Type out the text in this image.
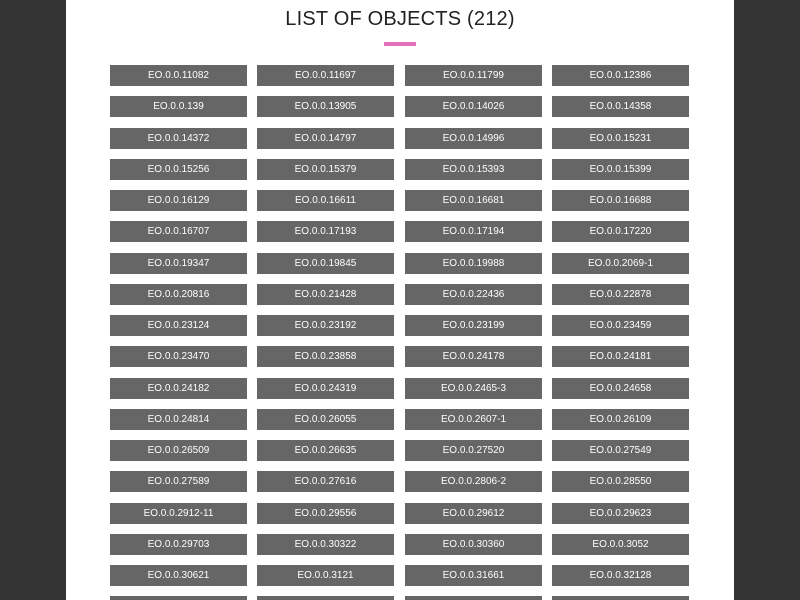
LIST OF OBJECTS (212)
EO.0.0.11082	EO.0.0.11697	EO.0.0.11799	EO.0.0.12386
EO.0.0.139	EO.0.0.13905	EO.0.0.14026	EO.0.0.14358
EO.0.0.14372	EO.0.0.14797	EO.0.0.14996	EO.0.0.15231
EO.0.0.15256	EO.0.0.15379	EO.0.0.15393	EO.0.0.15399
EO.0.0.16129	EO.0.0.16611	EO.0.0.16681	EO.0.0.16688
EO.0.0.16707	EO.0.0.17193	EO.0.0.17194	EO.0.0.17220
EO.0.0.19347	EO.0.0.19845	EO.0.0.19988	EO.0.0.2069-1
EO.0.0.20816	EO.0.0.21428	EO.0.0.22436	EO.0.0.22878
EO.0.0.23124	EO.0.0.23192	EO.0.0.23199	EO.0.0.23459
EO.0.0.23470	EO.0.0.23858	EO.0.0.24178	EO.0.0.24181
EO.0.0.24182	EO.0.0.24319	EO.0.0.2465-3	EO.0.0.24658
EO.0.0.24814	EO.0.0.26055	EO.0.0.2607-1	EO.0.0.26109
EO.0.0.26509	EO.0.0.26635	EO.0.0.27520	EO.0.0.27549
EO.0.0.27589	EO.0.0.27616	EO.0.0.2806-2	EO.0.0.28550
EO.0.0.2912-11	EO.0.0.29556	EO.0.0.29612	EO.0.0.29623
EO.0.0.29703	EO.0.0.30322	EO.0.0.30360	EO.0.0.3052
EO.0.0.30621	EO.0.0.3121	EO.0.0.31661	EO.0.0.32128
